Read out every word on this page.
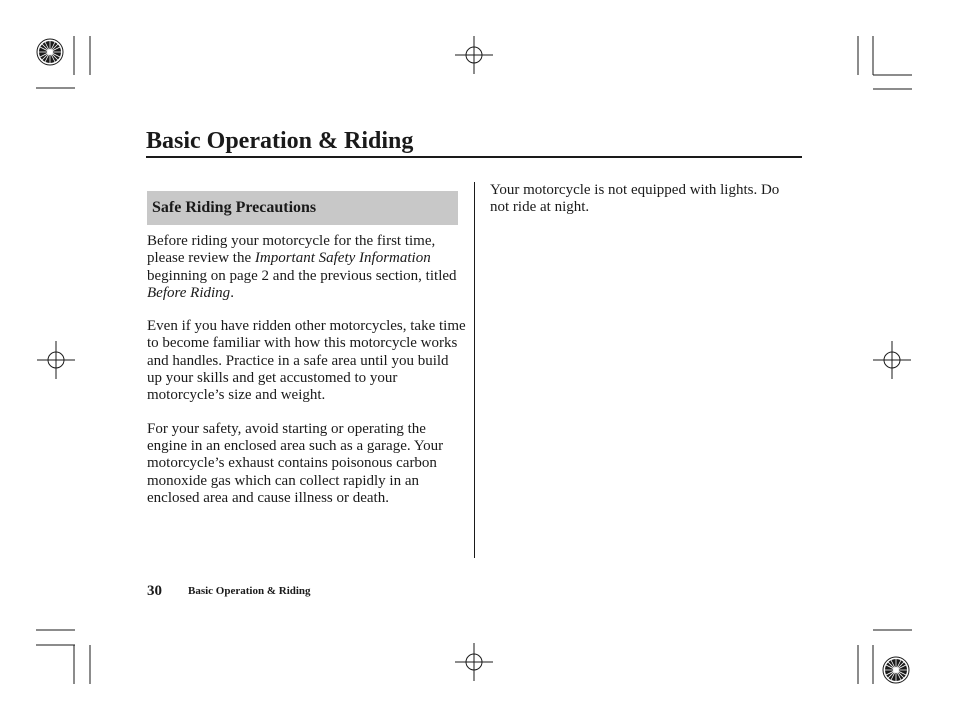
Basic Operation & Riding
Safe Riding Precautions

Before riding your motorcycle for the first time, please review the Important Safety Information beginning on page 2 and the previous section, titled Before Riding.

Even if you have ridden other motorcycles, take time to become familiar with how this motorcycle works and handles. Practice in a safe area until you build up your skills and get accustomed to your motorcycle’s size and weight.

For your safety, avoid starting or operating the engine in an enclosed area such as a garage. Your motorcycle’s exhaust contains poisonous carbon monoxide gas which can collect rapidly in an enclosed area and cause illness or death.

Your motorcycle is not equipped with lights. Do not ride at night.

30 Basic Operation & Riding
